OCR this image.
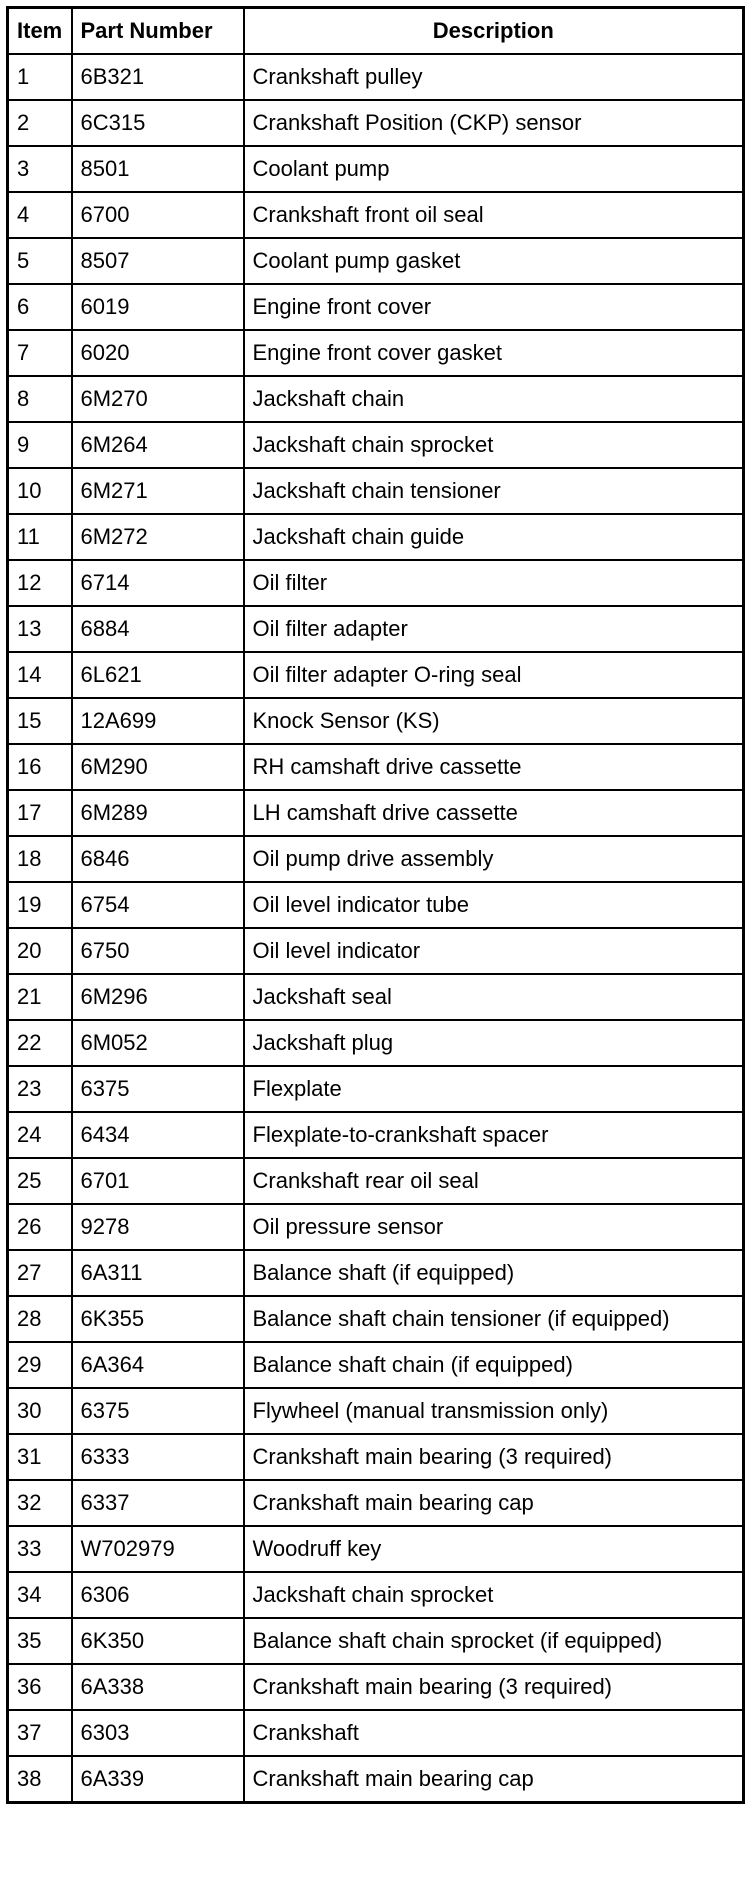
Item	Part Number	Description
1	6B321	Crankshaft pulley
2	6C315	Crankshaft Position (CKP) sensor
3	8501	Coolant pump
4	6700	Crankshaft front oil seal
5	8507	Coolant pump gasket
6	6019	Engine front cover
7	6020	Engine front cover gasket
8	6M270	Jackshaft chain
9	6M264	Jackshaft chain sprocket
10	6M271	Jackshaft chain tensioner
11	6M272	Jackshaft chain guide
12	6714	Oil filter
13	6884	Oil filter adapter
14	6L621	Oil filter adapter O-ring seal
15	12A699	Knock Sensor (KS)
16	6M290	RH camshaft drive cassette
17	6M289	LH camshaft drive cassette
18	6846	Oil pump drive assembly
19	6754	Oil level indicator tube
20	6750	Oil level indicator
21	6M296	Jackshaft seal
22	6M052	Jackshaft plug
23	6375	Flexplate
24	6434	Flexplate-to-crankshaft spacer
25	6701	Crankshaft rear oil seal
26	9278	Oil pressure sensor
27	6A311	Balance shaft (if equipped)
28	6K355	Balance shaft chain tensioner (if equipped)
29	6A364	Balance shaft chain (if equipped)
30	6375	Flywheel (manual transmission only)
31	6333	Crankshaft main bearing (3 required)
32	6337	Crankshaft main bearing cap
33	W702979	Woodruff key
34	6306	Jackshaft chain sprocket
35	6K350	Balance shaft chain sprocket (if equipped)
36	6A338	Crankshaft main bearing (3 required)
37	6303	Crankshaft
38	6A339	Crankshaft main bearing cap
